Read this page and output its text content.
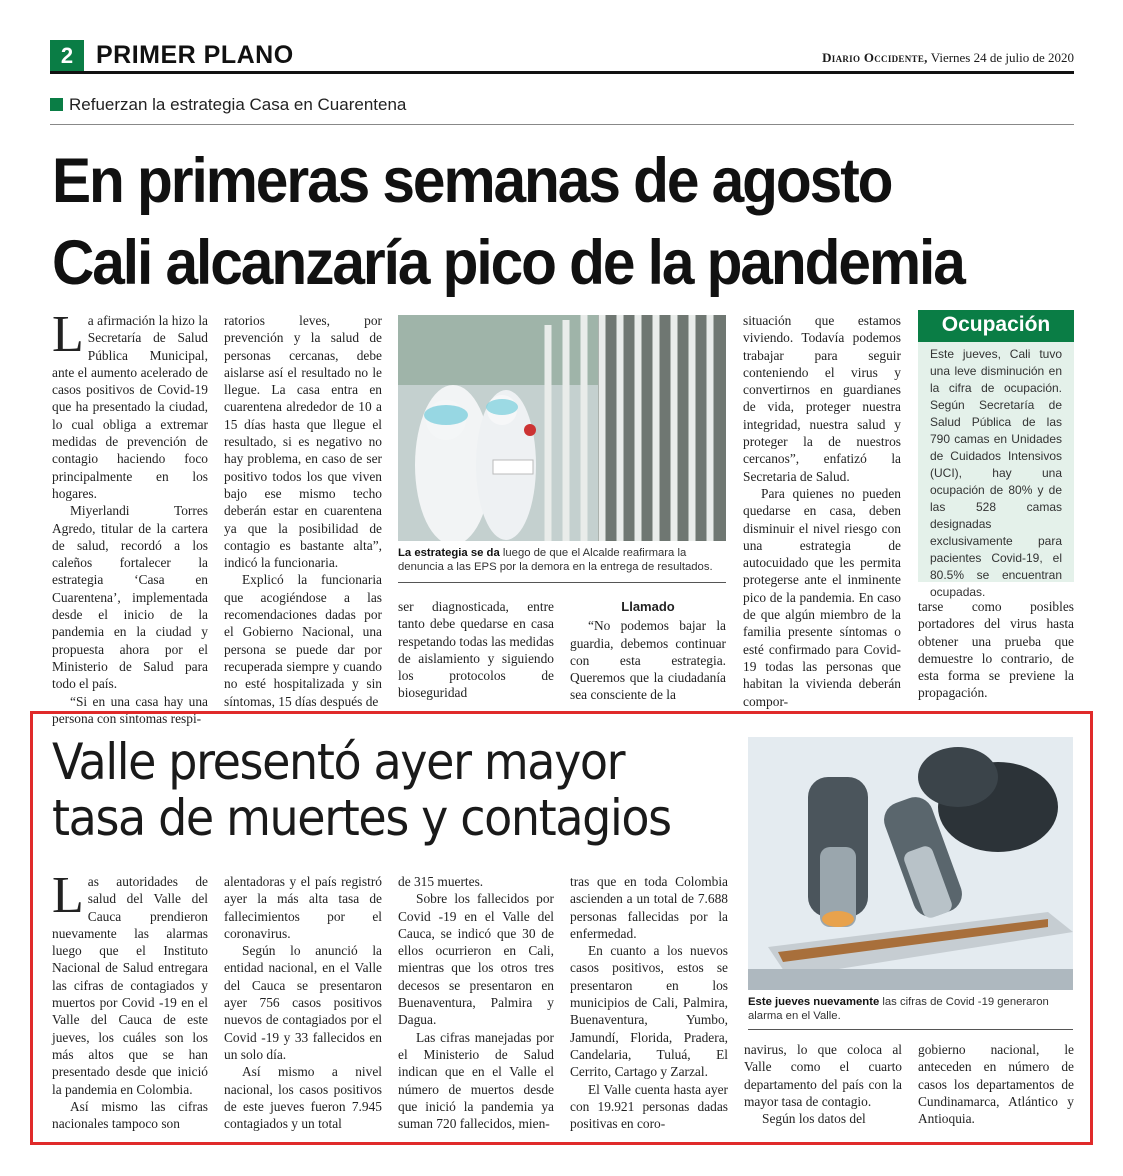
2 PRIMER PLANO	Diario Occidente, Viernes 24 de julio de 2020
Refuerzan la estrategia Casa en Cuarentena
En primeras semanas de agosto
Cali alcanzaría pico de la pandemia

La afirmación la hizo la Secretaría de Salud Pública Municipal, ante el aumento acelerado de casos positivos de Covid-19 que ha presentado la ciudad, lo cual obliga a extremar medidas de prevención de contagio haciendo foco principalmente en los hogares.

Miyerlandi Torres Agredo, titular de la cartera de salud, recordó a los caleños fortalecer la estrategia ‘Casa en Cuarentena’, implementada desde el inicio de la pandemia en la ciudad y propuesta ahora por el Ministerio de Salud para todo el país.

“Si en una casa hay una persona con síntomas respi-

ratorios leves, por prevención y la salud de personas cercanas, debe aislarse así el resultado no le llegue. La casa entra en cuarentena alrededor de 10 a 15 días hasta que llegue el resultado, si es negativo no hay problema, en caso de ser positivo todos los que viven bajo ese mismo techo deberán estar en cuarentena ya que la posibilidad de contagio es bastante alta”, indicó la funcionaria.

Explicó la funcionaria que acogiéndose a las recomendaciones dadas por el Gobierno Nacional, una persona se puede dar por recuperada siempre y cuando no esté hospitalizada y sin síntomas, 15 días después de

La estrategia se da luego de que el Alcalde reafirmara la denuncia a las EPS por la demora en la entrega de resultados.

ser diagnosticada, entre tanto debe quedarse en casa respetando todas las medidas de aislamiento y siguiendo los protocolos de bioseguridad

Llamado

“No podemos bajar la guardia, debemos continuar con esta estrategia. Queremos que la ciudadanía sea consciente de la

situación que estamos viviendo. Todavía podemos trabajar para seguir conteniendo el virus y convertirnos en guardianes de vida, proteger nuestra integridad, nuestra salud y proteger la de nuestros cercanos”, enfatizó la Secretaria de Salud.

Para quienes no pueden quedarse en casa, deben disminuir el nivel riesgo con una estrategia de autocuidado que les permita protegerse ante el inminente pico de la pandemia. En caso de que algún miembro de la familia presente síntomas o esté confirmado para Covid-19 todas las personas que habitan la vivienda deberán compor-

Ocupación
Este jueves, Cali tuvo una leve disminución en la cifra de ocupación. Según Secretaría de Salud Pública de las 790 camas en Unidades de Cuidados Intensivos (UCI), hay una ocupación de 80% y de las 528 camas designadas exclusivamente para pacientes Covid-19, el 80.5% se encuentran ocupadas.

tarse como posibles portadores del virus hasta obtener una prueba que demuestre lo contrario, de esta forma se previene la propagación.

Valle presentó ayer mayor
tasa de muertes y contagios

Las autoridades de salud del Valle del Cauca prendieron nuevamente las alarmas luego que el Instituto Nacional de Salud entregara las cifras de contagiados y muertos por Covid -19 en el Valle del Cauca de este jueves, los cuáles son los más altos que se han presentado desde que inició la pandemia en Colombia.

Así mismo las cifras nacionales tampoco son

alentadoras y el país registró ayer la más alta tasa de fallecimientos por el coronavirus.

Según lo anunció la entidad nacional, en el Valle del Cauca se presentaron ayer 756 casos positivos nuevos de contagiados por el Covid -19 y 33 fallecidos en un solo día.

Así mismo a nivel nacional, los casos positivos de este jueves fueron 7.945 contagiados y un total

de 315 muertes.

Sobre los fallecidos por Covid -19 en el Valle del Cauca, se indicó que 30 de ellos ocurrieron en Cali, mientras que los otros tres decesos se presentaron en Buenaventura, Palmira y Dagua.

Las cifras manejadas por el Ministerio de Salud indican que en el Valle el número de muertos desde que inició la pandemia ya suman 720 fallecidos, mien-

tras que en toda Colombia ascienden a un total de 7.688 personas fallecidas por la enfermedad.

En cuanto a los nuevos casos positivos, estos se presentaron en los municipios de Cali, Palmira, Buenaventura, Yumbo, Jamundí, Florida, Pradera, Candelaria, Tuluá, El Cerrito, Cartago y Zarzal.

El Valle cuenta hasta ayer con 19.921 personas dadas positivas en coro-

Este jueves nuevamente las cifras de Covid -19 generaron alarma en el Valle.

navirus, lo que coloca al Valle como el cuarto departamento del país con la mayor tasa de contagio.

Según los datos del

gobierno nacional, le anteceden en número de casos los departamentos de Cundinamarca, Atlántico y Antioquia.
